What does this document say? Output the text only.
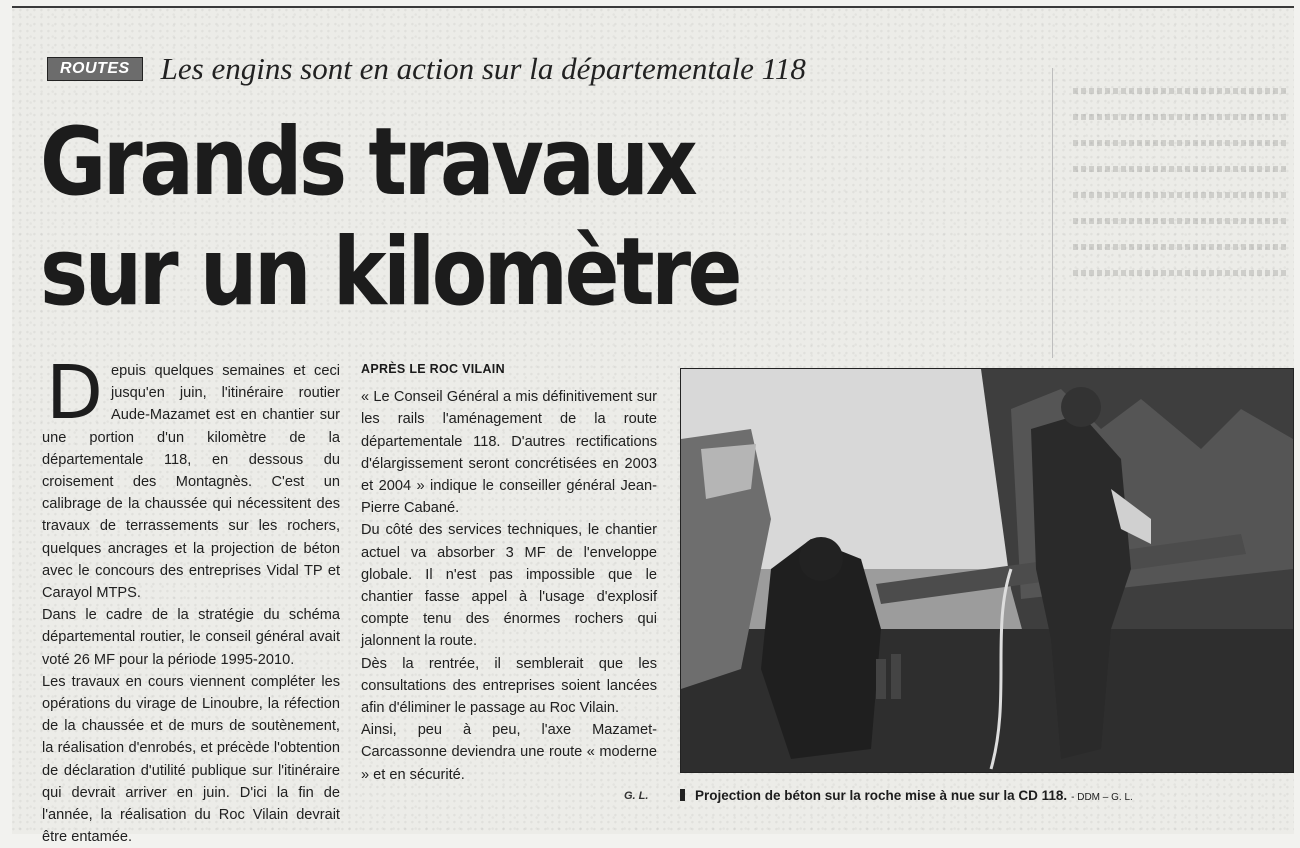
ROUTES	Les engins sont en action sur la départementale 118
Grands travaux
sur un kilomètre

Depuis quelques semaines et ceci jusqu'en juin, l'itinéraire routier Aude-Mazamet est en chantier sur une portion d'un kilomètre de la départementale 118, en dessous du croisement des Montagnès. C'est un calibrage de la chaussée qui nécessitent des travaux de terrassements sur les rochers, quelques ancrages et la projection de béton avec le concours des entreprises Vidal TP et Carayol MTPS.

Dans le cadre de la stratégie du schéma départemental routier, le conseil général avait voté 26 MF pour la période 1995-2010.

Les travaux en cours viennent compléter les opérations du virage de Linoubre, la réfection de la chaussée et de murs de soutènement, la réalisation d'enrobés, et précède l'obtention de déclaration d'utilité publique sur l'itinéraire qui devrait arriver en juin. D'ici la fin de l'année, la réalisation du Roc Vilain devrait être entamée.

APRÈS LE ROC VILAIN

« Le Conseil Général a mis définitivement sur les rails l'aménagement de la route départementale 118. D'autres rectifications d'élargissement seront concrétisées en 2003 et 2004 » indique le conseiller général Jean-Pierre Cabané.

Du côté des services techniques, le chantier actuel va absorber 3 MF de l'enveloppe globale. Il n'est pas impossible que le chantier fasse appel à l'usage d'explosif compte tenu des énormes rochers qui jalonnent la route.

Dès la rentrée, il semblerait que les consultations des entreprises soient lancées afin d'éliminer le passage au Roc Vilain.

Ainsi, peu à peu, l'axe Mazamet-Carcassonne deviendra une route « moderne » et en sécurité.

G. L.	Projection de béton sur la roche mise à nue sur la CD 118. - DDM – G. L.
